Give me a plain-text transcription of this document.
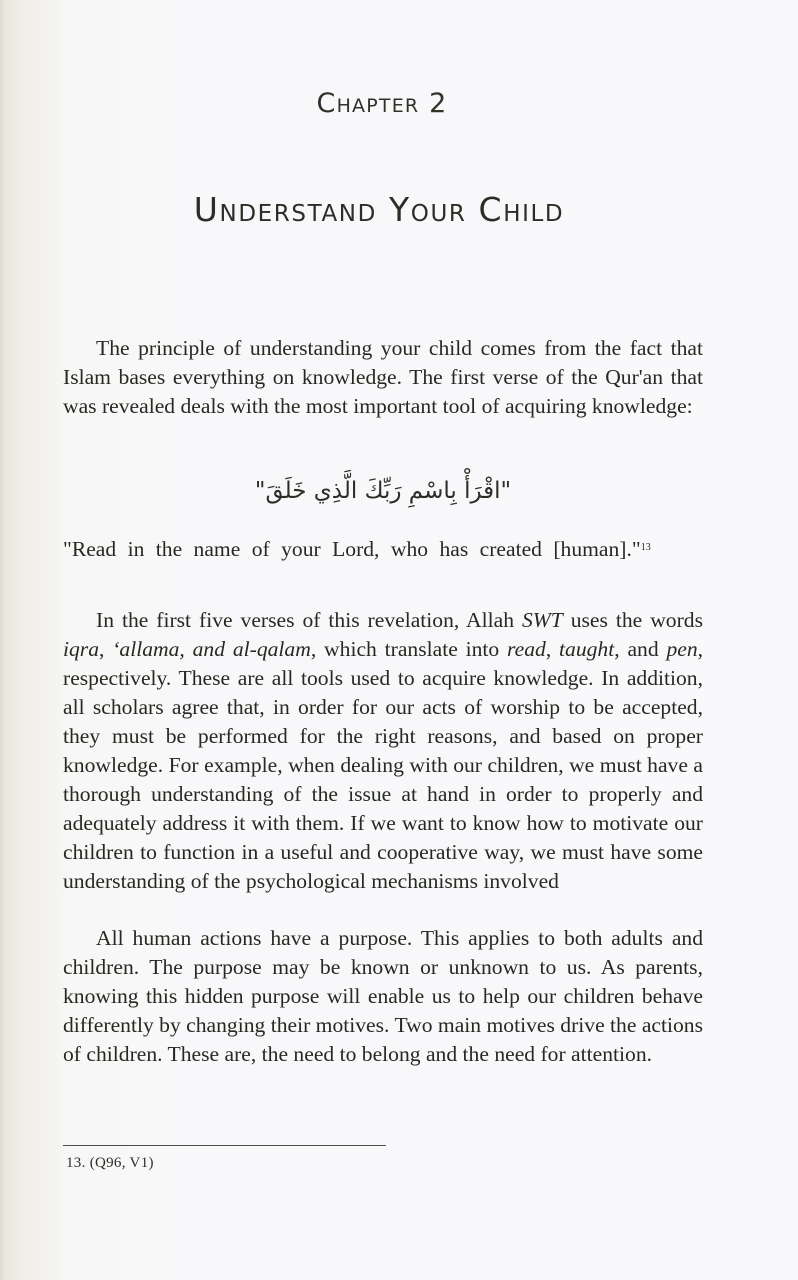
Chapter 2
Understand Your Child

The principle of understanding your child comes from the fact that Islam bases everything on knowledge. The first verse of the Qur'an that was revealed deals with the most important tool of acquiring knowledge:

"اقْرَأْ بِاسْمِ رَبِّكَ الَّذِي خَلَقَ"
"Read in the name of your Lord, who has created [human]."$^{13}$

In the first five verses of this revelation, Allah SWT uses the words iqra, ‘allama, and al-qalam, which translate into read, taught, and pen, respectively. These are all tools used to acquire knowledge. In addition, all scholars agree that, in order for our acts of worship to be accepted, they must be performed for the right reasons, and based on proper knowledge. For example, when dealing with our children, we must have a thorough understanding of the issue at hand in order to properly and adequately address it with them. If we want to know how to motivate our children to function in a useful and cooperative way, we must have some understanding of the psychological mechanisms involved

All human actions have a purpose. This applies to both adults and children. The purpose may be known or unknown to us. As parents, knowing this hidden purpose will enable us to help our children behave differently by changing their motives. Two main motives drive the actions of children. These are, the need to belong and the need for attention.

13. (Q96, V1)
